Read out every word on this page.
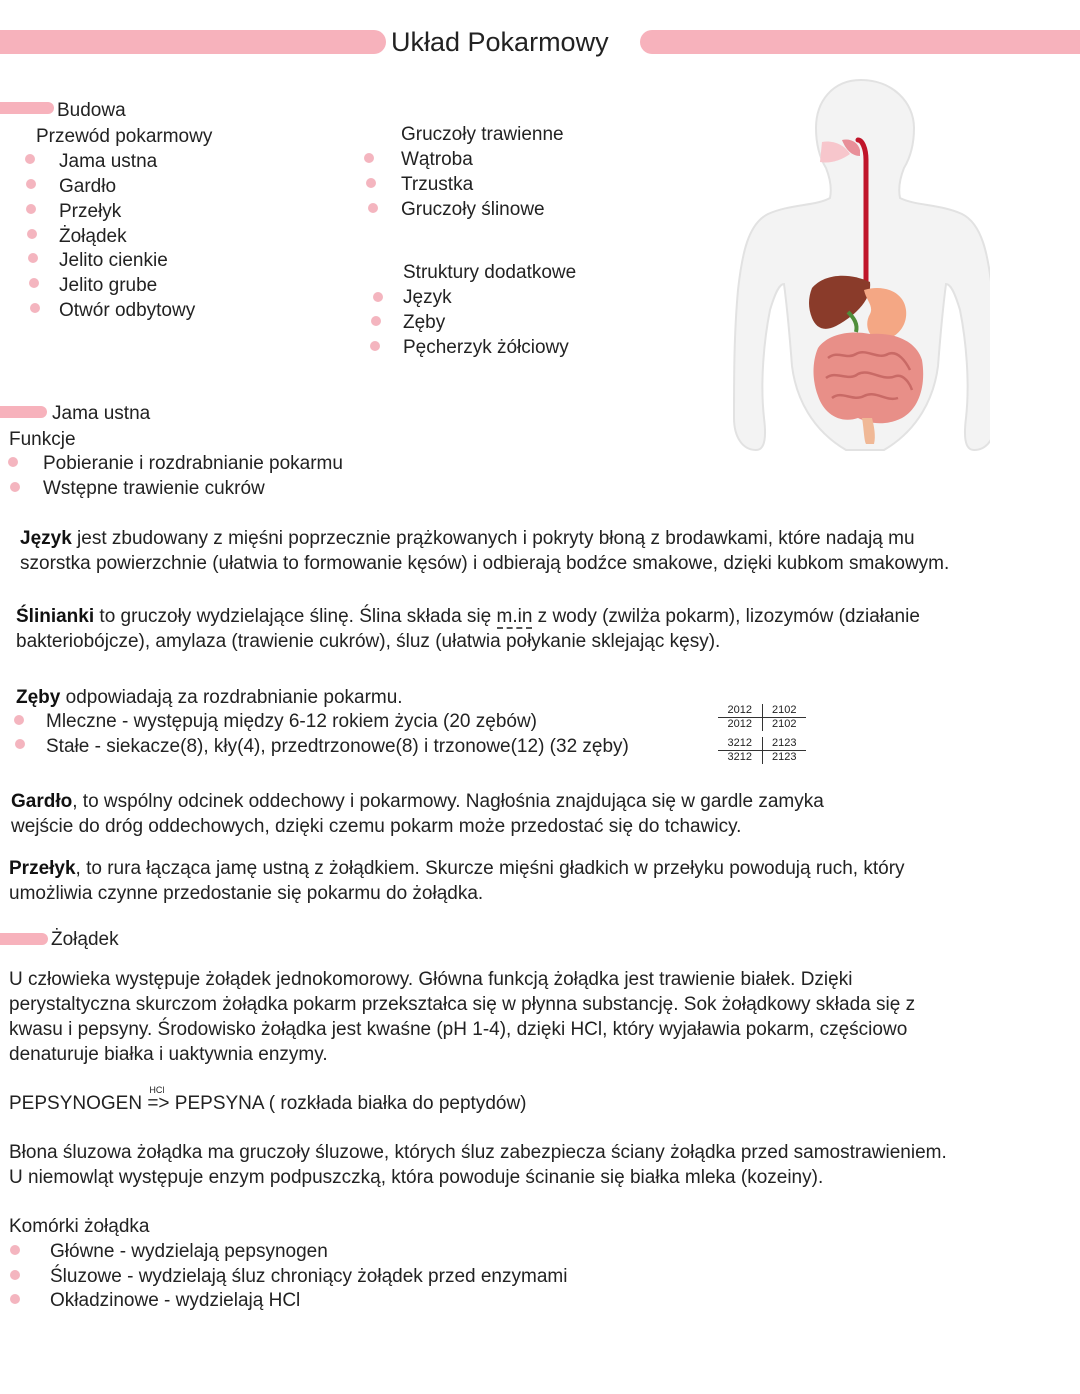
Układ Pokarmowy
Budowa
Przewód pokarmowy
Jama ustna
Gardło
Przełyk
Żołądek
Jelito cienkie
Jelito grube
Otwór odbytowy
Gruczoły trawienne
Wątroba
Trzustka
Gruczoły ślinowe
Struktury dodatkowe
Język
Zęby
Pęcherzyk żółciowy
Jama ustna
Funkcje
Pobieranie i rozdrabnianie pokarmu
Wstępne trawienie cukrów
Język jest zbudowany z mięśni poprzecznie prążkowanych i pokryty błoną z brodawkami, które nadają mu
szorstka powierzchnie (ułatwia to formowanie kęsów) i odbierają bodźce smakowe, dzięki kubkom smakowym.
Ślinianki to gruczoły wydzielające ślinę. Ślina składa się m.in z wody (zwilża pokarm), lizozymów (działanie
bakteriobójcze), amylaza (trawienie cukrów), śluz (ułatwia połykanie sklejając kęsy).
Zęby odpowiadają za rozdrabnianie pokarmu.
Mleczne - występują między 6-12 rokiem życia (20 zębów)
Stałe - siekacze(8), kły(4), przedtrzonowe(8) i trzonowe(12) (32 zęby)
2012	2102
2012	2102
3212	2123
3212	2123
Gardło, to wspólny odcinek oddechowy i pokarmowy. Nagłośnia znajdująca się w gardle zamyka
wejście do dróg oddechowych, dzięki czemu pokarm może przedostać się do tchawicy.
Przełyk, to rura łącząca jamę ustną z żołądkiem. Skurcze mięśni gładkich w przełyku powodują ruch, który
umożliwia czynne przedostanie się pokarmu do żołądka.
Żołądek
U człowieka występuje żołądek jednokomorowy. Główna funkcją żołądka jest trawienie białek. Dzięki
perystaltyczna skurczom żołądka pokarm przekształca się w płynna substancję. Sok żołądkowy składa się z
kwasu i pepsyny. Środowisko żołądka jest kwaśne (pH 1-4), dzięki HCl, który wyjaławia pokarm, częściowo
denaturuje białka i uaktywnia enzymy.
PEPSYNOGEN
HCl
=> PEPSYNA ( rozkłada białka do peptydów)
Błona śluzowa żołądka ma gruczoły śluzowe, których śluz zabezpiecza ściany żołądka przed samostrawieniem.
U niemowląt występuje enzym podpuszczką, która powoduje ścinanie się białka mleka (kozeiny).
Komórki żołądka
Główne - wydzielają pepsynogen
Śluzowe - wydzielają śluz chroniący żołądek przed enzymami
Okładzinowe - wydzielają HCl
